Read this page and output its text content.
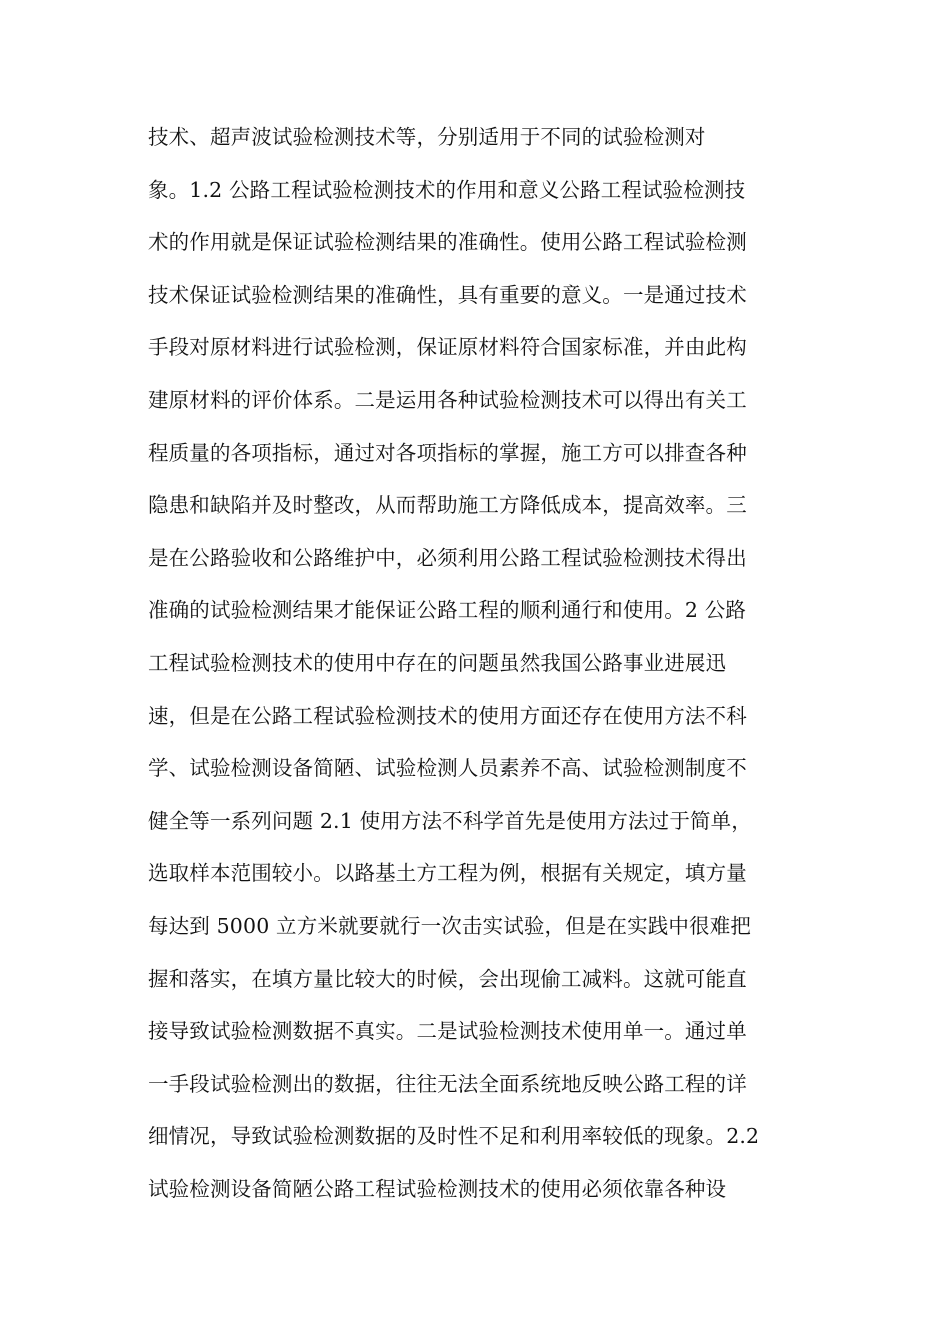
技术、超声波试验检测技术等，分别适用于不同的试验检测对
象。1.2 公路工程试验检测技术的作用和意义公路工程试验检测技
术的作用就是保证试验检测结果的准确性。使用公路工程试验检测
技术保证试验检测结果的准确性，具有重要的意义。一是通过技术
手段对原材料进行试验检测，保证原材料符合国家标准，并由此构
建原材料的评价体系。二是运用各种试验检测技术可以得出有关工
程质量的各项指标，通过对各项指标的掌握，施工方可以排查各种
隐患和缺陷并及时整改，从而帮助施工方降低成本，提高效率。三
是在公路验收和公路维护中，必须利用公路工程试验检测技术得出
准确的试验检测结果才能保证公路工程的顺利通行和使用。2 公路
工程试验检测技术的使用中存在的问题虽然我国公路事业进展迅
速，但是在公路工程试验检测技术的使用方面还存在使用方法不科
学、试验检测设备简陋、试验检测人员素养不高、试验检测制度不
健全等一系列问题 2.1 使用方法不科学首先是使用方法过于简单，
选取样本范围较小。以路基土方工程为例，根据有关规定，填方量
每达到 5000 立方米就要就行一次击实试验，但是在实践中很难把
握和落实，在填方量比较大的时候，会出现偷工减料。这就可能直
接导致试验检测数据不真实。二是试验检测技术使用单一。通过单
一手段试验检测出的数据，往往无法全面系统地反映公路工程的详
细情况，导致试验检测数据的及时性不足和利用率较低的现象。2.2
试验检测设备简陋公路工程试验检测技术的使用必须依靠各种设
